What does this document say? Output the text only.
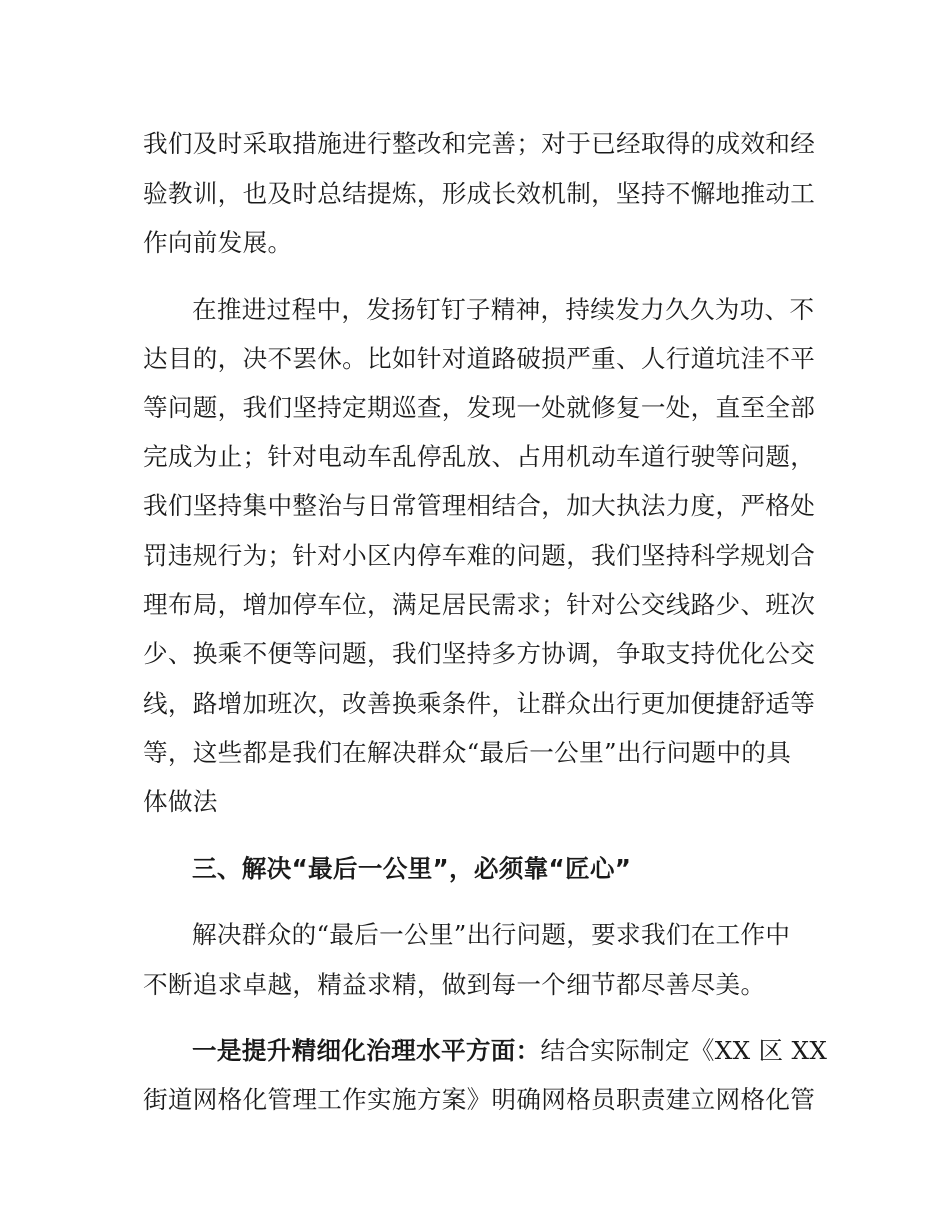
我们及时采取措施进行整改和完善；对于已经取得的成效和经
验教训，也及时总结提炼，形成长效机制，坚持不懈地推动工
作向前发展。
在推进过程中，发扬钉钉子精神，持续发力久久为功、不
达目的，决不罢休。比如针对道路破损严重、人行道坑洼不平
等问题，我们坚持定期巡查，发现一处就修复一处，直至全部
完成为止；针对电动车乱停乱放、占用机动车道行驶等问题，
我们坚持集中整治与日常管理相结合，加大执法力度，严格处
罚违规行为；针对小区内停车难的问题，我们坚持科学规划合
理布局，增加停车位，满足居民需求；针对公交线路少、班次
少、换乘不便等问题，我们坚持多方协调，争取支持优化公交
线，路增加班次，改善换乘条件，让群众出行更加便捷舒适等
等，这些都是我们在解决群众“最后一公里”出行问题中的具
体做法
三、解决“最后一公里”，必须靠“匠心”
解决群众的“最后一公里”出行问题，要求我们在工作中
不断追求卓越，精益求精，做到每一个细节都尽善尽美。
一是提升精细化治理水平方面：结合实际制定《XX 区 XX
街道网格化管理工作实施方案》明确网格员职责建立网格化管
